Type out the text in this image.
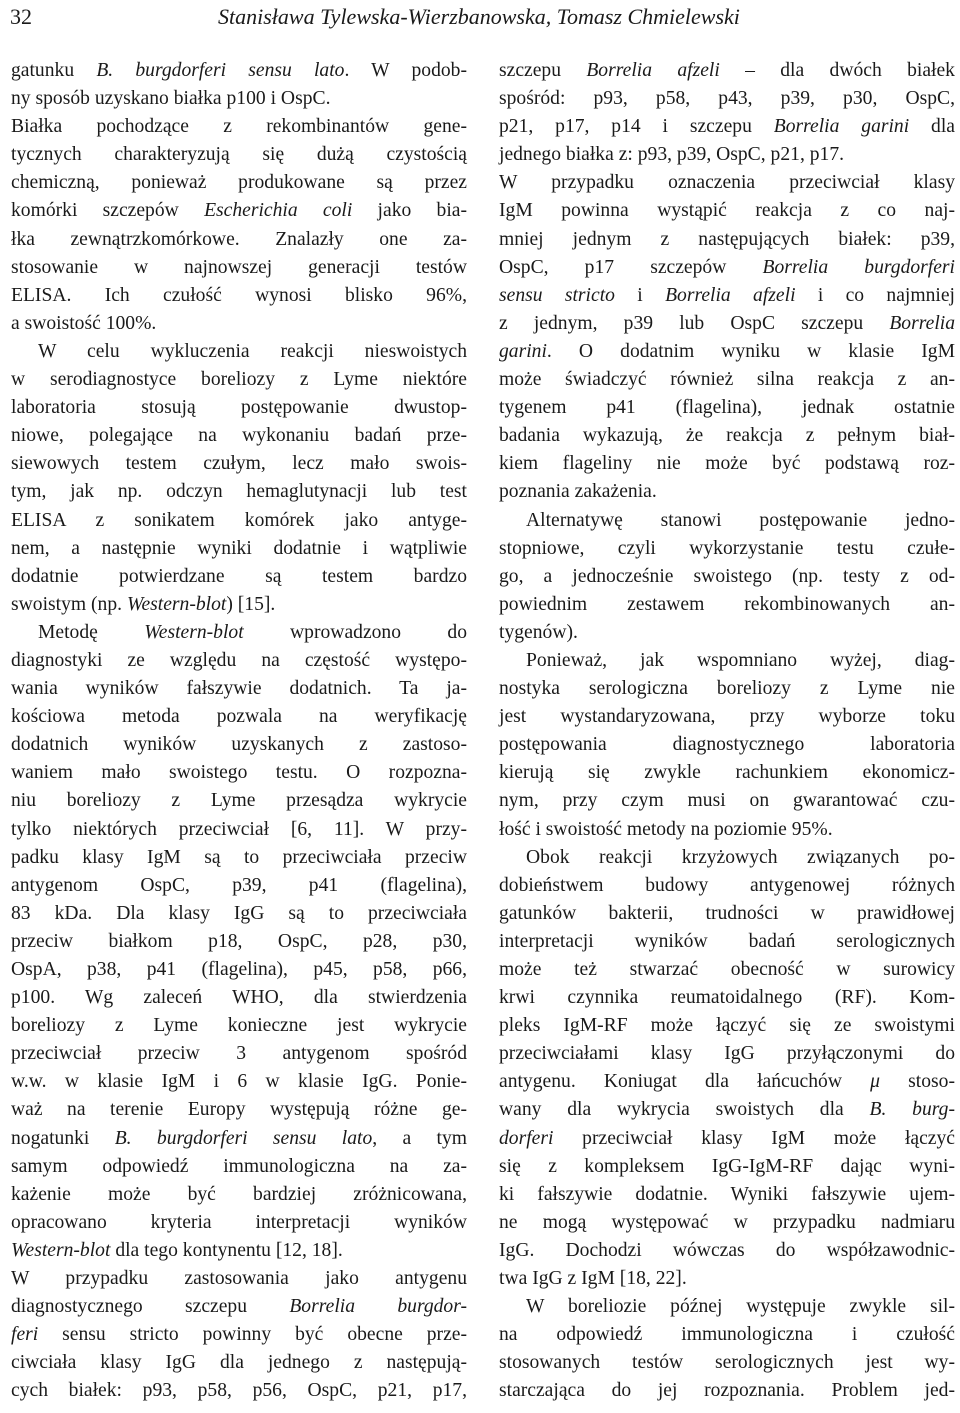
32	Stanisława Tylewska-Wierzbanowska, Tomasz Chmielewski
gatunku B. burgdorferi sensu lato. W podob-
ny sposób uzyskano białka p100 i OspC.
Białka pochodzące z rekombinantów gene-
tycznych charakteryzują się dużą czystością
chemiczną, ponieważ produkowane są przez
komórki szczepów Escherichia coli jako bia-
łka zewnątrzkomórkowe. Znalazły one za-
stosowanie w najnowszej generacji testów
ELISA. Ich czułość wynosi blisko 96%,
a swoistość 100%.
W celu wykluczenia reakcji nieswoistych
w serodiagnostyce boreliozy z Lyme niektóre
laboratoria stosują postępowanie dwustop-
niowe, polegające na wykonaniu badań prze-
siewowych testem czułym, lecz mało swois-
tym, jak np. odczyn hemaglutynacji lub test
ELISA z sonikatem komórek jako antyge-
nem, a następnie wyniki dodatnie i wątpliwie
dodatnie potwierdzane są testem bardzo
swoistym (np. Western-blot) [15].
Metodę Western-blot wprowadzono do
diagnostyki ze względu na częstość występo-
wania wyników fałszywie dodatnich. Ta ja-
kościowa metoda pozwala na weryfikację
dodatnich wyników uzyskanych z zastoso-
waniem mało swoistego testu. O rozpozna-
niu boreliozy z Lyme przesądza wykrycie
tylko niektórych przeciwciał [6, 11]. W przy-
padku klasy IgM są to przeciwciała przeciw
antygenom OspC, p39, p41 (flagelina),
83 kDa. Dla klasy IgG są to przeciwciała
przeciw białkom p18, OspC, p28, p30,
OspA, p38, p41 (flagelina), p45, p58, p66,
p100. Wg zaleceń WHO, dla stwierdzenia
boreliozy z Lyme konieczne jest wykrycie
przeciwciał przeciw 3 antygenom spośród
w.w. w klasie IgM i 6 w klasie IgG. Ponie-
waż na terenie Europy występują różne ge-
nogatunki B. burgdorferi sensu lato, a tym
samym odpowiedź immunologiczna na za-
każenie może być bardziej zróżnicowana,
opracowano kryteria interpretacji wyników
Western-blot dla tego kontynentu [12, 18].
W przypadku zastosowania jako antygenu
diagnostycznego szczepu Borrelia burgdor-
feri sensu stricto powinny być obecne prze-
ciwciała klasy IgG dla jednego z następują-
cych białek: p93, p58, p56, OspC, p21, p17,
szczepu Borrelia afzeli – dla dwóch białek
spośród: p93, p58, p43, p39, p30, OspC,
p21, p17, p14 i szczepu Borrelia garini dla
jednego białka z: p93, p39, OspC, p21, p17.
W przypadku oznaczenia przeciwciał klasy
IgM powinna wystąpić reakcja z co naj-
mniej jednym z następujących białek: p39,
OspC, p17 szczepów Borrelia burgdorferi
sensu stricto i Borrelia afzeli i co najmniej
z jednym, p39 lub OspC szczepu Borrelia
garini. O dodatnim wyniku w klasie IgM
może świadczyć również silna reakcja z an-
tygenem p41 (flagelina), jednak ostatnie
badania wykazują, że reakcja z pełnym biał-
kiem flageliny nie może być podstawą roz-
poznania zakażenia.
Alternatywę stanowi postępowanie jedno-
stopniowe, czyli wykorzystanie testu czułe-
go, a jednocześnie swoistego (np. testy z od-
powiednim zestawem rekombinowanych an-
tygenów).
Ponieważ, jak wspomniano wyżej, diag-
nostyka serologiczna boreliozy z Lyme nie
jest wystandaryzowana, przy wyborze toku
postępowania diagnostycznego laboratoria
kierują się zwykle rachunkiem ekonomicz-
nym, przy czym musi on gwarantować czu-
łość i swoistość metody na poziomie 95%.
Obok reakcji krzyżowych związanych po-
dobieństwem budowy antygenowej różnych
gatunków bakterii, trudności w prawidłowej
interpretacji wyników badań serologicznych
może też stwarzać obecność w surowicy
krwi czynnika reumatoidalnego (RF). Kom-
pleks IgM-RF może łączyć się ze swoistymi
przeciwciałami klasy IgG przyłączonymi do
antygenu. Koniugat dla łańcuchów μ stoso-
wany dla wykrycia swoistych dla B. burg-
dorferi przeciwciał klasy IgM może łączyć
się z kompleksem IgG-IgM-RF dając wyni-
ki fałszywie dodatnie. Wyniki fałszywie ujem-
ne mogą występować w przypadku nadmiaru
IgG. Dochodzi wówczas do współzawodnic-
twa IgG z IgM [18, 22].
W boreliozie późnej występuje zwykle sil-
na odpowiedź immunologiczna i czułość
stosowanych testów serologicznych jest wy-
starczająca do jej rozpoznania. Problem jed-
